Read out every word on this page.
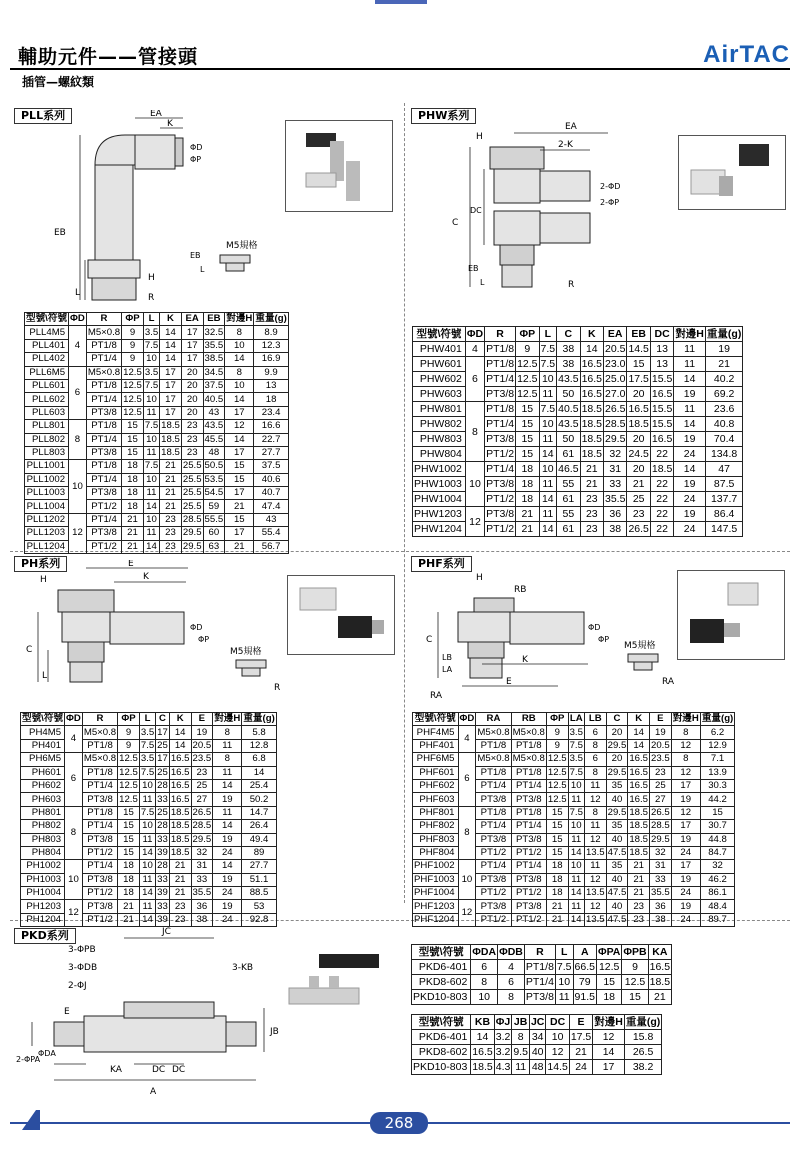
輔助元件——管接頭
插管—螺紋類
AirTAC
PLL系列	EA
K
ΦD
ΦP
EB
L
H
R
M5規格
L
EB
型號\符號	ΦD	R	ΦP	L	K	EA	EB	對邊H	重量(g)
PLL4M5	4	M5×0.8	9	3.5	14	17	32.5	8	8.9
PLL401		PT1/8	9	7.5	14	17	35.5	10	12.3
PLL402		PT1/4	9	10	14	17	38.5	14	16.9
PLL6M5	6	M5×0.8	12.5	3.5	17	20	34.5	8	9.9
PLL601		PT1/8	12.5	7.5	17	20	37.5	10	13
PLL602		PT1/4	12.5	10	17	20	40.5	14	18
PLL603		PT3/8	12.5	11	17	20	43	17	23.4
PLL801	8	PT1/8	15	7.5	18.5	23	43.5	12	16.6
PLL802		PT1/4	15	10	18.5	23	45.5	14	22.7
PLL803		PT3/8	15	11	18.5	23	48	17	27.7
PLL1001	10	PT1/8	18	7.5	21	25.5	50.5	15	37.5
PLL1002		PT1/4	18	10	21	25.5	53.5	15	40.6
PLL1003		PT3/8	18	11	21	25.5	54.5	17	40.7
PLL1004		PT1/2	18	14	21	25.5	59	21	47.4
PLL1202	12	PT1/4	21	10	23	28.5	55.5	15	43
PLL1203		PT3/8	21	11	23	29.5	60	17	55.4
PLL1204		PT1/2	21	14	23	29.5	63	21	56.7
PHW系列
EA
2-K
H
2-ΦD
2-ΦP
DC
C
EB
L	R
型號\符號	ΦD	R	ΦP	L	C	K	EA	EB	DC	對邊H	重量(g)
PHW401	4	PT1/8	9	7.5	38	14	20.5	14.5	13	11	19
PHW601	6	PT1/8	12.5	7.5	38	16.5	23.0	15	13	11	21
PHW602		PT1/4	12.5	10	43.5	16.5	25.0	17.5	15.5	14	40.2
PHW603		PT3/8	12.5	11	50	16.5	27.0	20	16.5	19	69.2
PHW801	8	PT1/8	15	7.5	40.5	18.5	26.5	16.5	15.5	11	23.6
PHW802		PT1/4	15	10	43.5	18.5	28.5	18.5	15.5	14	40.8
PHW803		PT3/8	15	11	50	18.5	29.5	20	16.5	19	70.4
PHW804		PT1/2	15	14	61	18.5	32	24.5	22	24	134.8
PHW1002	10	PT1/4	18	10	46.5	21	31	20	18.5	14	47
PHW1003		PT3/8	18	11	55	21	33	21	22	19	87.5
PHW1004		PT1/2	18	14	61	23	35.5	25	22	24	137.7
PHW1203	12	PT3/8	21	11	55	23	36	23	22	19	86.4
PHW1204		PT1/2	21	14	61	23	38	26.5	22	24	147.5
PH系列	E
K
H
ΦD
ΦP
C
L
R
M5規格
型號\符號	ΦD	R	ΦP	L	C	K	E	對邊H	重量(g)
PH4M5	4	M5×0.8	9	3.5	17	14	19	8	5.8
PH401		PT1/8	9	7.5	25	14	20.5	11	12.8
PH6M5	6	M5×0.8	12.5	3.5	17	16.5	23.5	8	6.8
PH601		PT1/8	12.5	7.5	25	16.5	23	11	14
PH602		PT1/4	12.5	10	28	16.5	25	14	25.4
PH603		PT3/8	12.5	11	33	16.5	27	19	50.2
PH801	8	PT1/8	15	7.5	25	18.5	26.5	11	14.7
PH802		PT1/4	15	10	28	18.5	28.5	14	26.4
PH803		PT3/8	15	11	33	18.5	29.5	19	49.4
PH804		PT1/2	15	14	39	18.5	32	24	89
PH1002	10	PT1/4	18	10	28	21	31	14	27.7
PH1003		PT3/8	18	11	33	21	33	19	51.1
PH1004		PT1/2	18	14	39	21	35.5	24	88.5
PH1203	12	PT3/8	21	11	33	23	36	19	53
PH1204		PT1/2	21	14	39	23	38	24	92.8
PHF系列
H
RB
ΦD
ΦP
C
LB
LA
K
E
RA
M5規格
RA
型號\符號	ΦD	RA	RB	ΦP	LA	LB	C	K	E	對邊H	重量(g)
PHF4M5	4	M5×0.8	M5×0.8	9	3.5	6	20	14	19	8	6.2
PHF401		PT1/8	PT1/8	9	7.5	8	29.5	14	20.5	12	12.9
PHF6M5	6	M5×0.8	M5×0.8	12.5	3.5	6	20	16.5	23.5	8	7.1
PHF601		PT1/8	PT1/8	12.5	7.5	8	29.5	16.5	23	12	13.9
PHF602		PT1/4	PT1/4	12.5	10	11	35	16.5	25	17	30.3
PHF603		PT3/8	PT3/8	12.5	11	12	40	16.5	27	19	44.2
PHF801	8	PT1/8	PT1/8	15	7.5	8	29.5	18.5	26.5	12	15
PHF802		PT1/4	PT1/4	15	10	11	35	18.5	28.5	17	30.7
PHF803		PT3/8	PT3/8	15	11	12	40	18.5	29.5	19	44.8
PHF804		PT1/2	PT1/2	15	14	13.5	47.5	18.5	32	24	84.7
PHF1002	10	PT1/4	PT1/4	18	10	11	35	21	31	17	32
PHF1003		PT3/8	PT3/8	18	11	12	40	21	33	19	46.2
PHF1004		PT1/2	PT1/2	18	14	13.5	47.5	21	35.5	24	86.1
PHF1203	12	PT3/8	PT3/8	21	11	12	40	23	36	19	48.4
PHF1204		PT1/2	PT1/2	21	14	13.5	47.5	23	38	24	89.7
PKD系列	JC
3-ΦPB
3-ΦDB
2-ΦJ
3-KB
2-ΦPA
ΦDA
E
JB
KA	DC DC
A
型號\符號	ΦDA	ΦDB	R	L	A	ΦPA	ΦPB	KA
PKD6-401	6	4	PT1/8	7.5	66.5	12.5	9	16.5
PKD8-602	8	6	PT1/4	10	79	15	12.5	18.5
PKD10-803	10	8	PT3/8	11	91.5	18	15	21
型號\符號	KB	ΦJ	JB	JC	DC	E	對邊H	重量(g)
PKD6-401	14	3.2	8	34	10	17.5	12	15.8
PKD8-602	16.5	3.2	9.5	40	12	21	14	26.5
PKD10-803	18.5	4.3	11	48	14.5	24	17	38.2
268
